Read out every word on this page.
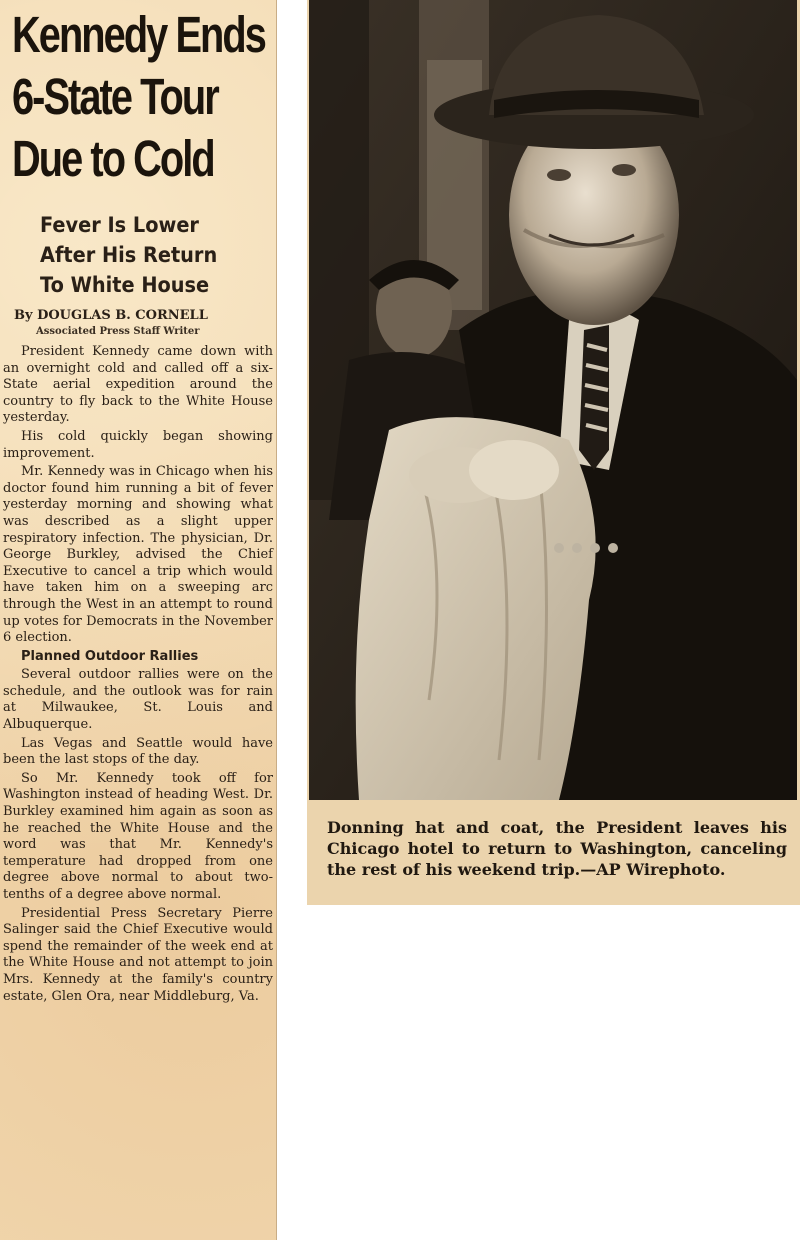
Kennedy Ends
6-State Tour
Due to Cold
Fever Is Lower
After His Return
To White House
By DOUGLAS B. CORNELL
Associated Press Staff Writer

President Kennedy came down with an overnight cold and called off a six-State aerial expedition around the country to fly back to the White House yesterday.

His cold quickly began showing improvement.

Mr. Kennedy was in Chicago when his doctor found him running a bit of fever yesterday morning and showing what was described as a slight upper respiratory infection. The physician, Dr. George Burkley, advised the Chief Executive to cancel a trip which would have taken him on a sweeping arc through the West in an attempt to round up votes for Democrats in the November 6 election.

Planned Outdoor Rallies

Several outdoor rallies were on the schedule, and the outlook was for rain at Milwaukee, St. Louis and Albuquerque.

Las Vegas and Seattle would have been the last stops of the day.

So Mr. Kennedy took off for Washington instead of heading West. Dr. Burkley examined him again as soon as he reached the White House and the word was that Mr. Kennedy's temperature had dropped from one degree above normal to about two-tenths of a degree above normal.

Presidential Press Secretary Pierre Salinger said the Chief Executive would spend the remainder of the week end at the White House and not attempt to join Mrs. Kennedy at the family's country estate, Glen Ora, near Middleburg, Va.

Donning hat and coat, the President leaves his Chicago hotel to return to Washington, canceling the rest of his weekend trip.—AP Wirephoto.
